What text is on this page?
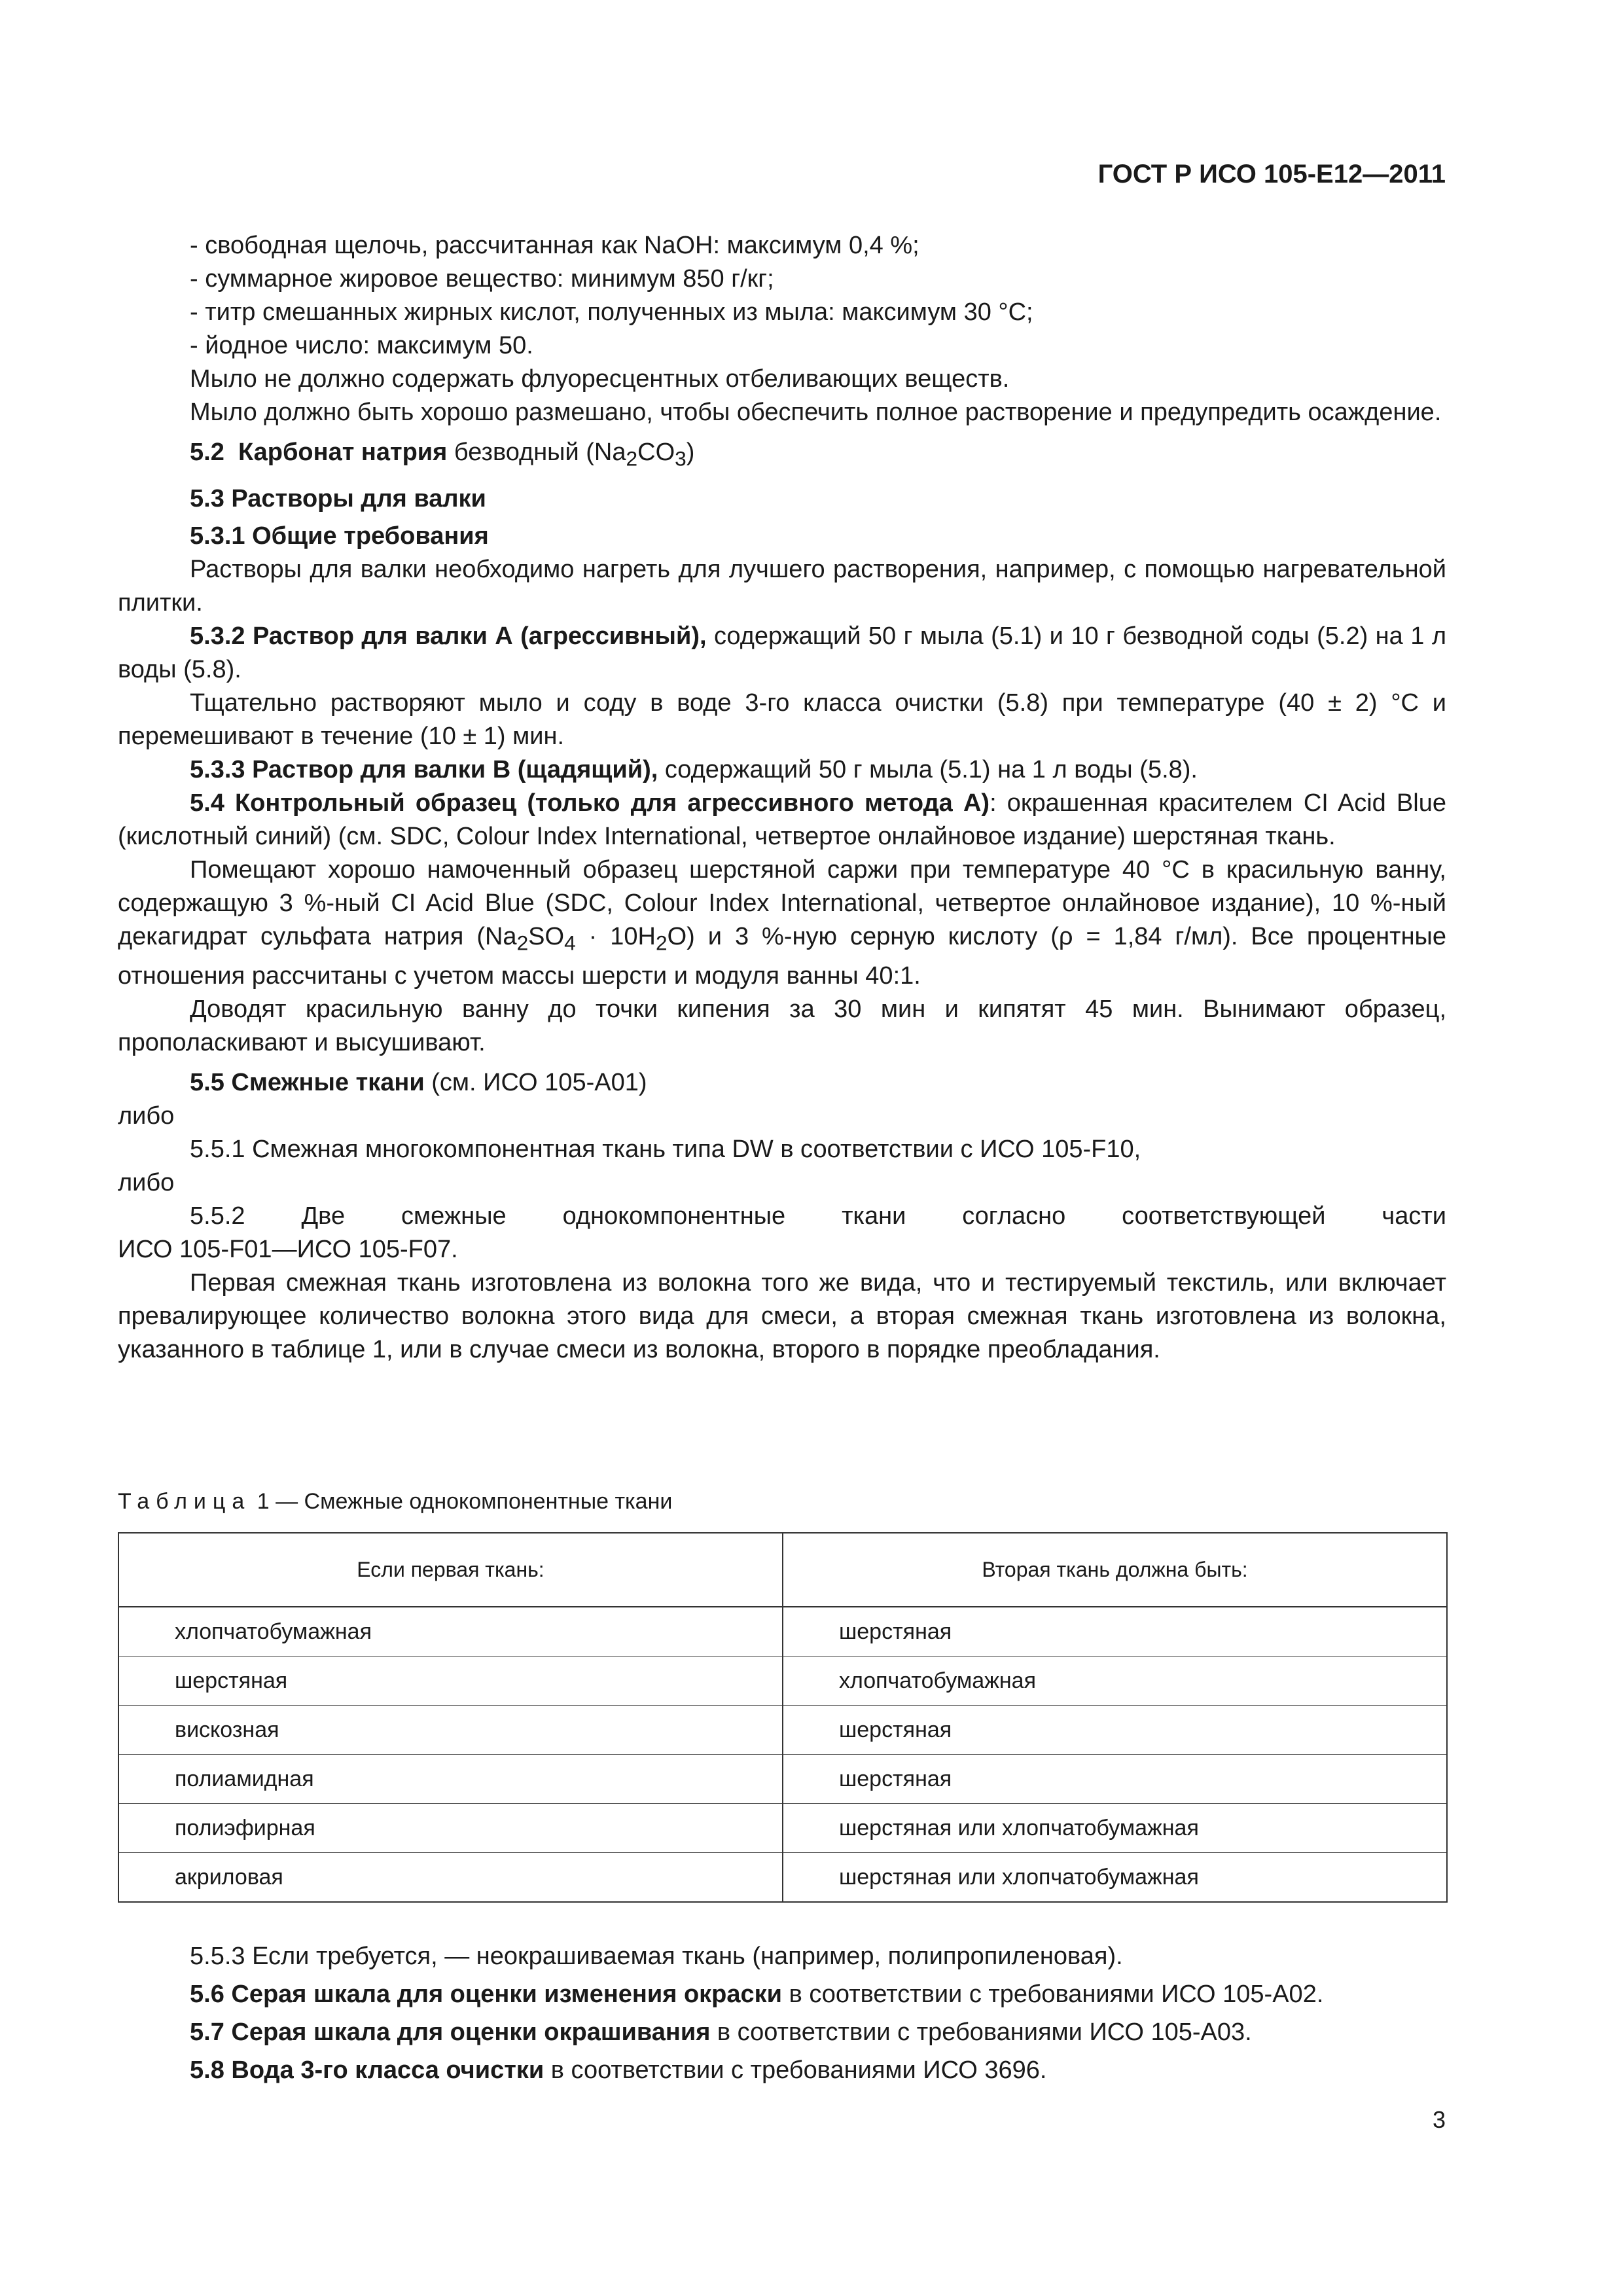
ГОСТ Р ИСО 105-Е12—2011

- свободная щелочь, рассчитанная как NaOH: максимум 0,4 %;

- суммарное жировое вещество: минимум 850 г/кг;

- титр смешанных жирных кислот, полученных из мыла: максимум 30 °С;

- йодное число: максимум 50.

Мыло не должно содержать флуоресцентных отбеливающих веществ.

Мыло должно быть хорошо размешано, чтобы обеспечить полное растворение и предупредить осаждение.

5.2 Карбонат натрия безводный $(Na_2CO_3)$

5.3 Растворы для валки

5.3.1 Общие требования

Растворы для валки необходимо нагреть для лучшего растворения, например, с помощью нагревательной плитки.

5.3.2 Раствор для валки А (агрессивный), содержащий 50 г мыла (5.1) и 10 г безводной соды (5.2) на 1 л воды (5.8).

Тщательно растворяют мыло и соду в воде 3-го класса очистки (5.8) при температуре (40 ± 2) °С и перемешивают в течение (10 ± 1) мин.

5.3.3 Раствор для валки В (щадящий), содержащий 50 г мыла (5.1) на 1 л воды (5.8).

5.4 Контрольный образец (только для агрессивного метода А): окрашенная красителем CI Acid Blue (кислотный синий) (см. SDC, Colour Index International, четвертое онлайновое издание) шерстяная ткань.

Помещают хорошо намоченный образец шерстяной саржи при температуре 40 °С в красильную ванну, содержащую 3 %-ный CI Acid Blue (SDC, Colour Index International, четвертое онлайновое издание), 10 %-ный декагидрат сульфата натрия $(Na_2SO_4 \cdot 10H_2O)$ и 3 %-ную серную кислоту (ρ = 1,84 г/мл). Все процентные отношения рассчитаны с учетом массы шерсти и модуля ванны 40:1.

Доводят красильную ванну до точки кипения за 30 мин и кипятят 45 мин. Вынимают образец, прополаскивают и высушивают.

5.5 Смежные ткани (см. ИСО 105-А01)

либо

5.5.1 Смежная многокомпонентная ткань типа DW в соответствии с ИСО 105-F10,

либо

5.5.2 Две смежные однокомпонентные ткани согласно соответствующей части

ИСО 105-F01—ИСО 105-F07.

Первая смежная ткань изготовлена из волокна того же вида, что и тестируемый текстиль, или включает превалирующее количество волокна этого вида для смеси, а вторая смежная ткань изготовлена из волокна, указанного в таблице 1, или в случае смеси из волокна, второго в порядке преобладания.

Таблица 1 — Смежные однокомпонентные ткани
Если первая ткань:	Вторая ткань должна быть:
хлопчатобумажная	шерстяная
шерстяная	хлопчатобумажная
вискозная	шерстяная
полиамидная	шерстяная
полиэфирная	шерстяная или хлопчатобумажная
акриловая	шерстяная или хлопчатобумажная

5.5.3 Если требуется, — неокрашиваемая ткань (например, полипропиленовая).

5.6 Серая шкала для оценки изменения окраски в соответствии с требованиями ИСО 105-А02.

5.7 Серая шкала для оценки окрашивания в соответствии с требованиями ИСО 105-А03.

5.8 Вода 3-го класса очистки в соответствии с требованиями ИСО 3696.

3
